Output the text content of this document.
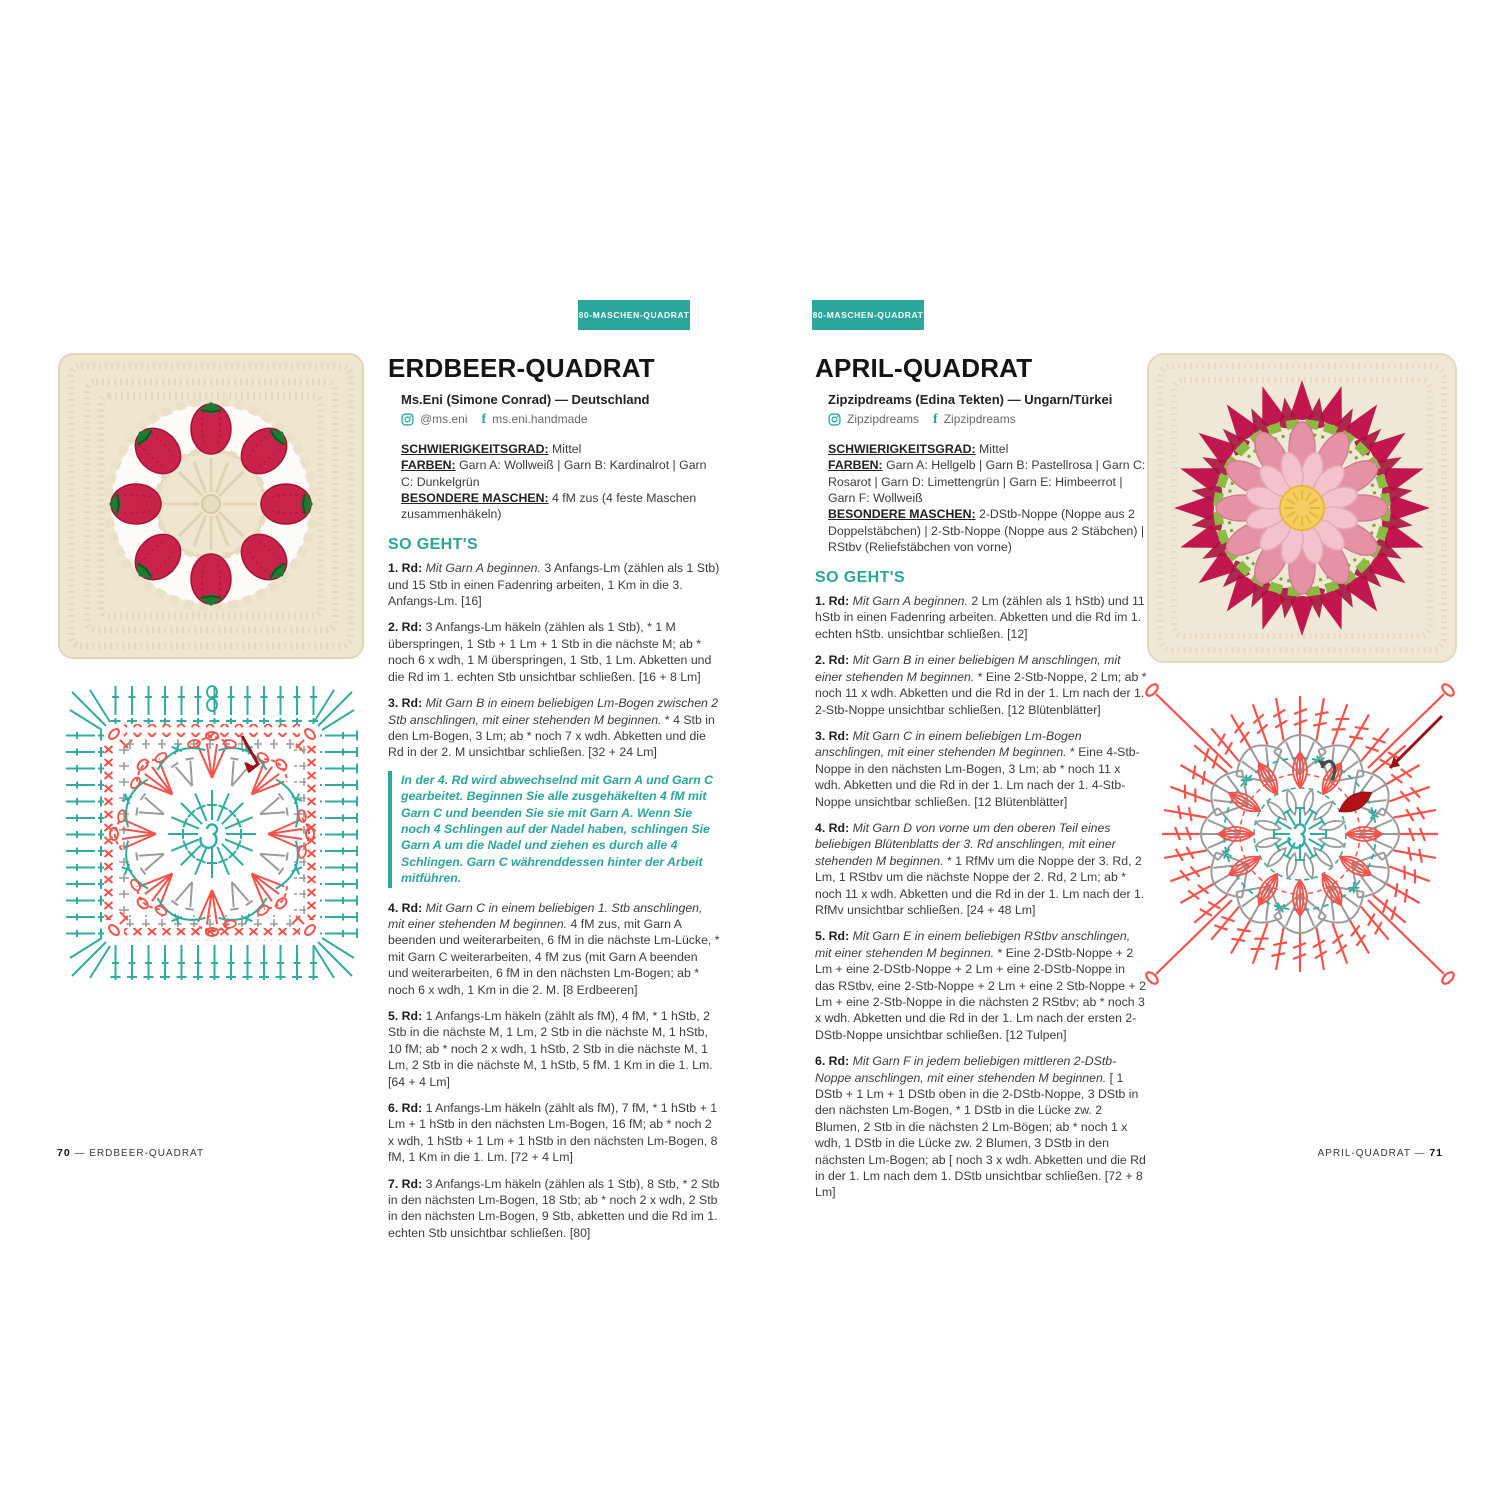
80-MASCHEN-QUADRAT	80-MASCHEN-QUADRAT
ERDBEER-QUADRAT

Ms.Eni (Simone Conrad) — Deutschland

@ms.eni f ms.eni.handmade

SCHWIERIGKEITSGRAD: Mittel

FARBEN: Garn A: Wollweiß | Garn B: Kardinalrot | Garn C: Dunkelgrün

BESONDERE MASCHEN: 4 fM zus (4 feste Maschen zusammenhäkeln)

SO GEHT'S

1. Rd: Mit Garn A beginnen. 3 Anfangs-Lm (zählen als 1 Stb) und 15 Stb in einen Fadenring arbeiten, 1 Km in die 3. Anfangs-Lm. [16]

2. Rd: 3 Anfangs-Lm häkeln (zählen als 1 Stb), * 1 M überspringen, 1 Stb + 1 Lm + 1 Stb in die nächste M; ab * noch 6 x wdh, 1 M überspringen, 1 Stb, 1 Lm. Abketten und die Rd im 1. echten Stb unsichtbar schließen. [16 + 8 Lm]

3. Rd: Mit Garn B in einem beliebigen Lm-Bogen zwischen 2 Stb anschlingen, mit einer stehenden M beginnen. * 4 Stb in den Lm-Bogen, 3 Lm; ab * noch 7 x wdh. Abketten und die Rd in der 2. M unsichtbar schließen. [32 + 24 Lm]

In der 4. Rd wird abwechselnd mit Garn A und Garn C gearbeitet. Beginnen Sie alle zusgehäkelten 4 fM mit Garn C und beenden Sie sie mit Garn A. Wenn Sie noch 4 Schlingen auf der Nadel haben, schlingen Sie Garn A um die Nadel und ziehen es durch alle 4 Schlingen. Garn C währenddessen hinter der Arbeit mitführen.

4. Rd: Mit Garn C in einem beliebigen 1. Stb anschlingen, mit einer stehenden M beginnen. 4 fM zus, mit Garn A beenden und weiterarbeiten, 6 fM in die nächste Lm-Lücke, * mit Garn C weiterarbeiten, 4 fM zus (mit Garn A beenden und weiterarbeiten, 6 fM in den nächsten Lm-Bogen; ab * noch 6 x wdh, 1 Km in die 2. M. [8 Erdbeeren]

5. Rd: 1 Anfangs-Lm häkeln (zählt als fM), 4 fM, * 1 hStb, 2 Stb in die nächste M, 1 Lm, 2 Stb in die nächste M, 1 hStb, 10 fM; ab * noch 2 x wdh, 1 hStb, 2 Stb in die nächste M, 1 Lm, 2 Stb in die nächste M, 1 hStb, 5 fM. 1 Km in die 1. Lm. [64 + 4 Lm]

6. Rd: 1 Anfangs-Lm häkeln (zählt als fM), 7 fM, * 1 hStb + 1 Lm + 1 hStb in den nächsten Lm-Bogen, 16 fM; ab * noch 2 x wdh, 1 hStb + 1 Lm + 1 hStb in den nächsten Lm-Bogen, 8 fM, 1 Km in die 1. Lm. [72 + 4 Lm]

7. Rd: 3 Anfangs-Lm häkeln (zählen als 1 Stb), 8 Stb, * 2 Stb in den nächsten Lm-Bogen, 18 Stb; ab * noch 2 x wdh, 2 Stb in den nächsten Lm-Bogen, 9 Stb, abketten und die Rd im 1. echten Stb unsichtbar schließen. [80]

APRIL-QUADRAT

Zipzipdreams (Edina Tekten) — Ungarn/Türkei

Zipzipdreams f Zipzipdreams

SCHWIERIGKEITSGRAD: Mittel

FARBEN: Garn A: Hellgelb | Garn B: Pastellrosa | Garn C: Rosarot | Garn D: Limettengrün | Garn E: Himbeerrot | Garn F: Wollweiß

BESONDERE MASCHEN: 2-DStb-Noppe (Noppe aus 2 Doppelstäbchen) | 2-Stb-Noppe (Noppe aus 2 Stäbchen) | RStbv (Reliefstäbchen von vorne)

SO GEHT'S

1. Rd: Mit Garn A beginnen. 2 Lm (zählen als 1 hStb) und 11 hStb in einen Fadenring arbeiten. Abketten und die Rd im 1. echten hStb. unsichtbar schließen. [12]

2. Rd: Mit Garn B in einer beliebigen M anschlingen, mit einer stehenden M beginnen. * Eine 2-Stb-Noppe, 2 Lm; ab * noch 11 x wdh. Abketten und die Rd in der 1. Lm nach der 1. 2-Stb-Noppe unsichtbar schließen. [12 Blütenblätter]

3. Rd: Mit Garn C in einem beliebigen Lm-Bogen anschlingen, mit einer stehenden M beginnen. * Eine 4-Stb-Noppe in den nächsten Lm-Bogen, 3 Lm; ab * noch 11 x wdh. Abketten und die Rd in der 1. Lm nach der 1. 4-Stb-Noppe unsichtbar schließen. [12 Blütenblätter]

4. Rd: Mit Garn D von vorne um den oberen Teil eines beliebigen Blütenblatts der 3. Rd anschlingen, mit einer stehenden M beginnen. * 1 RfMv um die Noppe der 3. Rd, 2 Lm, 1 RStbv um die nächste Noppe der 2. Rd, 2 Lm; ab * noch 11 x wdh. Abketten und die Rd in der 1. Lm nach der 1. RfMv unsichtbar schließen. [24 + 48 Lm]

5. Rd: Mit Garn E in einem beliebigen RStbv anschlingen, mit einer stehenden M beginnen. * Eine 2-DStb-Noppe + 2 Lm + eine 2-DStb-Noppe + 2 Lm + eine 2-DStb-Noppe in das RStbv, eine 2-Stb-Noppe + 2 Lm + eine 2 Stb-Noppe + 2 Lm + eine 2-Stb-Noppe in die nächsten 2 RStbv; ab * noch 3 x wdh. Abketten und die Rd in der 1. Lm nach der ersten 2-DStb-Noppe unsichtbar schließen. [12 Tulpen]

6. Rd: Mit Garn F in jedem beliebigen mittleren 2-DStb-Noppe anschlingen, mit einer stehenden M beginnen. [ 1 DStb + 1 Lm + 1 DStb oben in die 2-DStb-Noppe, 3 DStb in den nächsten Lm-Bogen, * 1 DStb in die Lücke zw. 2 Blumen, 2 Stb in die nächsten 2 Lm-Bögen; ab * noch 1 x wdh, 1 DStb in die Lücke zw. 2 Blumen, 3 DStb in den nächsten Lm-Bogen; ab [ noch 3 x wdh. Abketten und die Rd in der 1. Lm nach dem 1. DStb unsichtbar schließen. [72 + 8 Lm]

70 — ERDBEER-QUADRAT	APRIL-QUADRAT — 71
